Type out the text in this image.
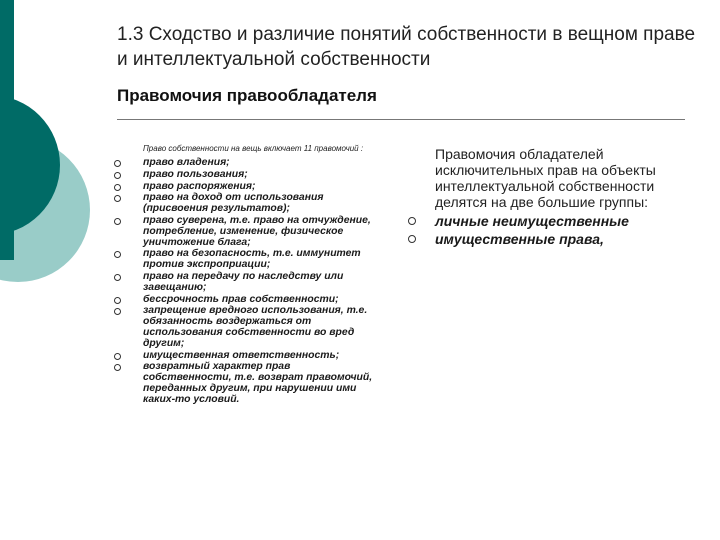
1.3 Сходство и различие понятий собственности в вещном праве и интеллектуальной собственности
Правомочия правообладателя
Право собственности на вещь включает 11 правомочий :
право владения;
право пользования;
право распоряжения;
право на доход от использования (присвоения результатов);
право суверена, т.е. право на отчуждение, потребление, изменение, физическое уничтожение блага;
право на безопасность, т.е. иммунитет против экспроприации;
право на передачу по наследству или завещанию;
бессрочность прав собственности;
запрещение вредного использования, т.е. обязанность воздержаться от использования собственности во вред другим;
имущественная ответственность;
возвратный характер прав собственности, т.е. возврат правомочий, переданных другим, при нарушении ими каких-то условий.
Правомочия обладателей исключительных прав на объекты интеллектуальной собственности делятся на две большие группы:
личные неимущественные
имущественные права,
